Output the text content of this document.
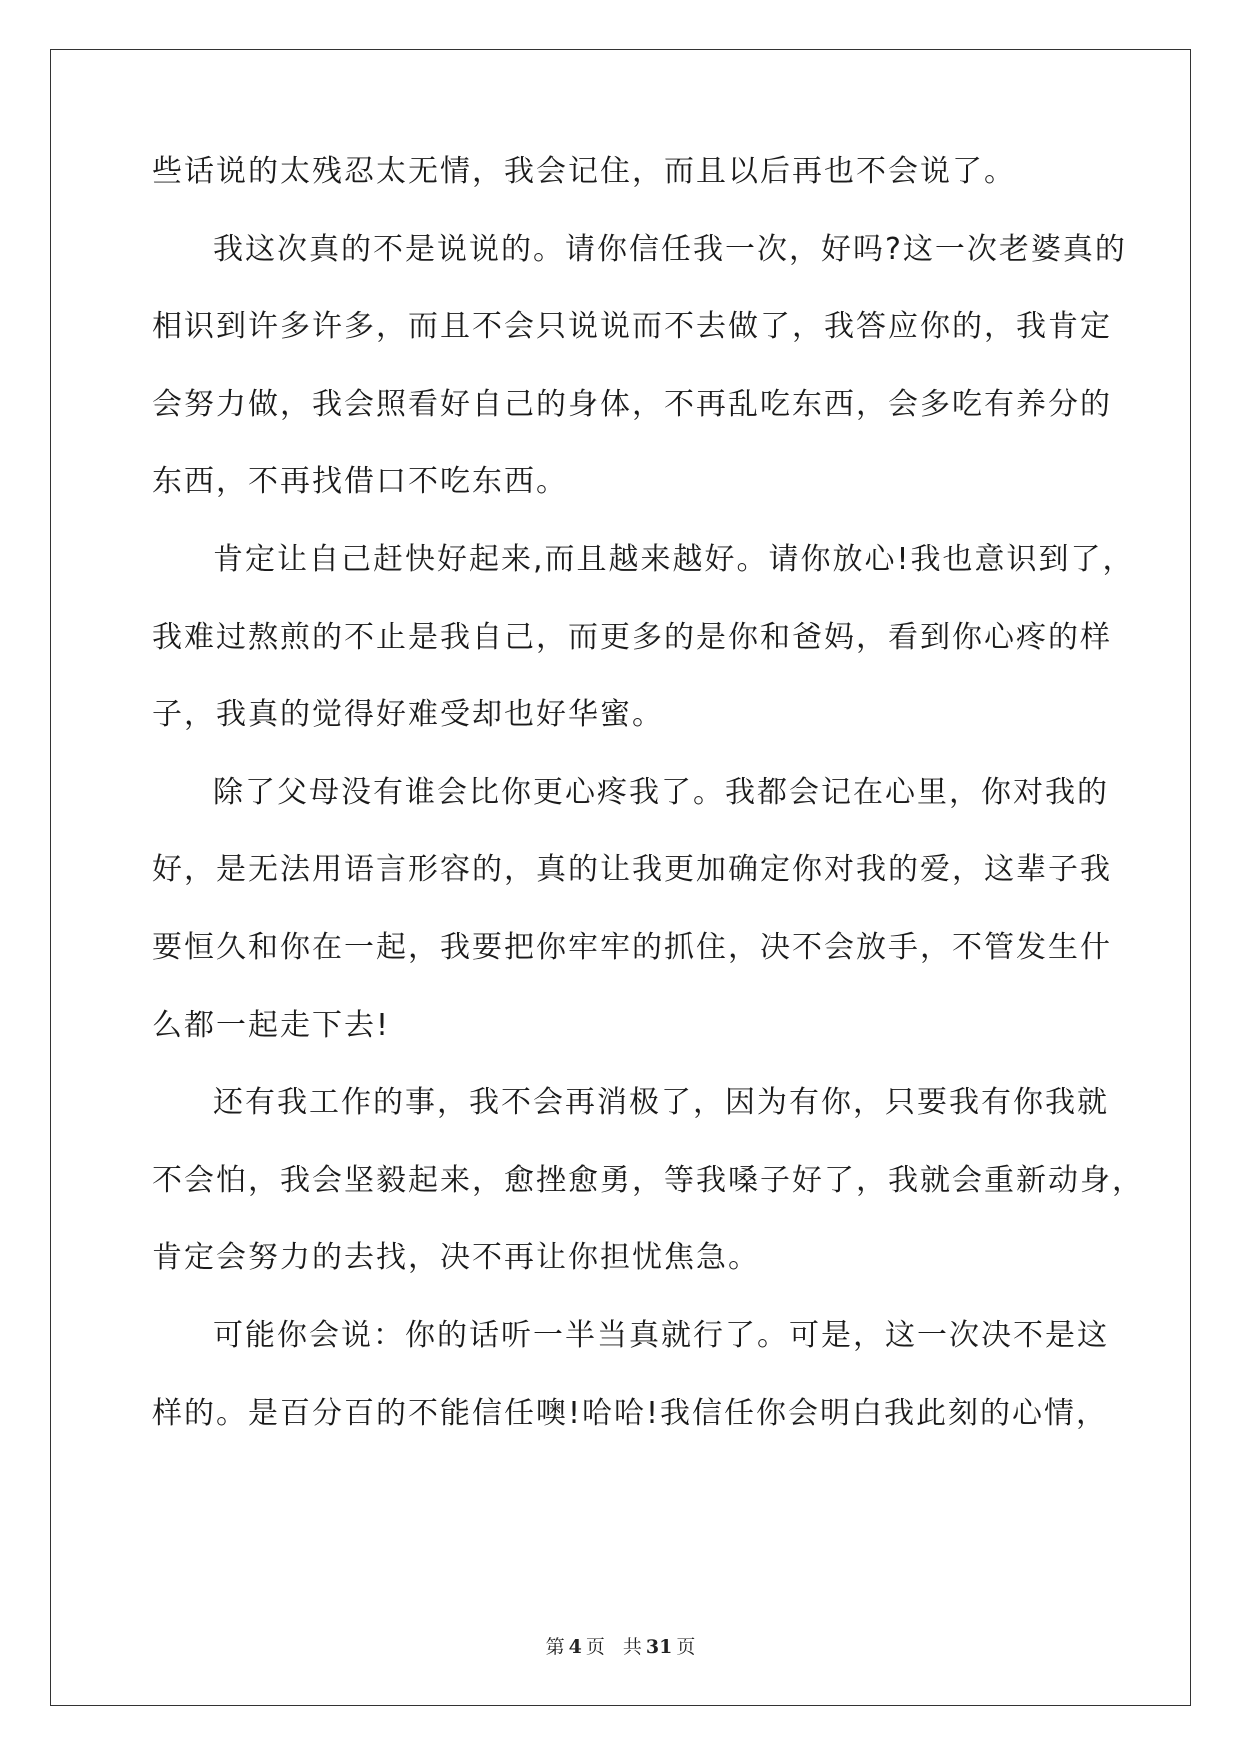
些话说的太残忍太无情，我会记住，而且以后再也不会说了。
我这次真的不是说说的。请你信任我一次，好吗?这一次老婆真的
相识到许多许多，而且不会只说说而不去做了，我答应你的，我肯定
会努力做，我会照看好自己的身体，不再乱吃东西，会多吃有养分的
东西，不再找借口不吃东西。
肯定让自己赶快好起来,而且越来越好。请你放心!我也意识到了，
我难过熬煎的不止是我自己，而更多的是你和爸妈，看到你心疼的样
子，我真的觉得好难受却也好华蜜。
除了父母没有谁会比你更心疼我了。我都会记在心里，你对我的
好，是无法用语言形容的，真的让我更加确定你对我的爱，这辈子我
要恒久和你在一起，我要把你牢牢的抓住，决不会放手，不管发生什
么都一起走下去!
还有我工作的事，我不会再消极了，因为有你，只要我有你我就
不会怕，我会坚毅起来，愈挫愈勇，等我嗓子好了，我就会重新动身，
肯定会努力的去找，决不再让你担忧焦急。
可能你会说：你的话听一半当真就行了。可是，这一次决不是这
样的。是百分百的不能信任噢!哈哈!我信任你会明白我此刻的心情，
第 4 页 共 31 页
